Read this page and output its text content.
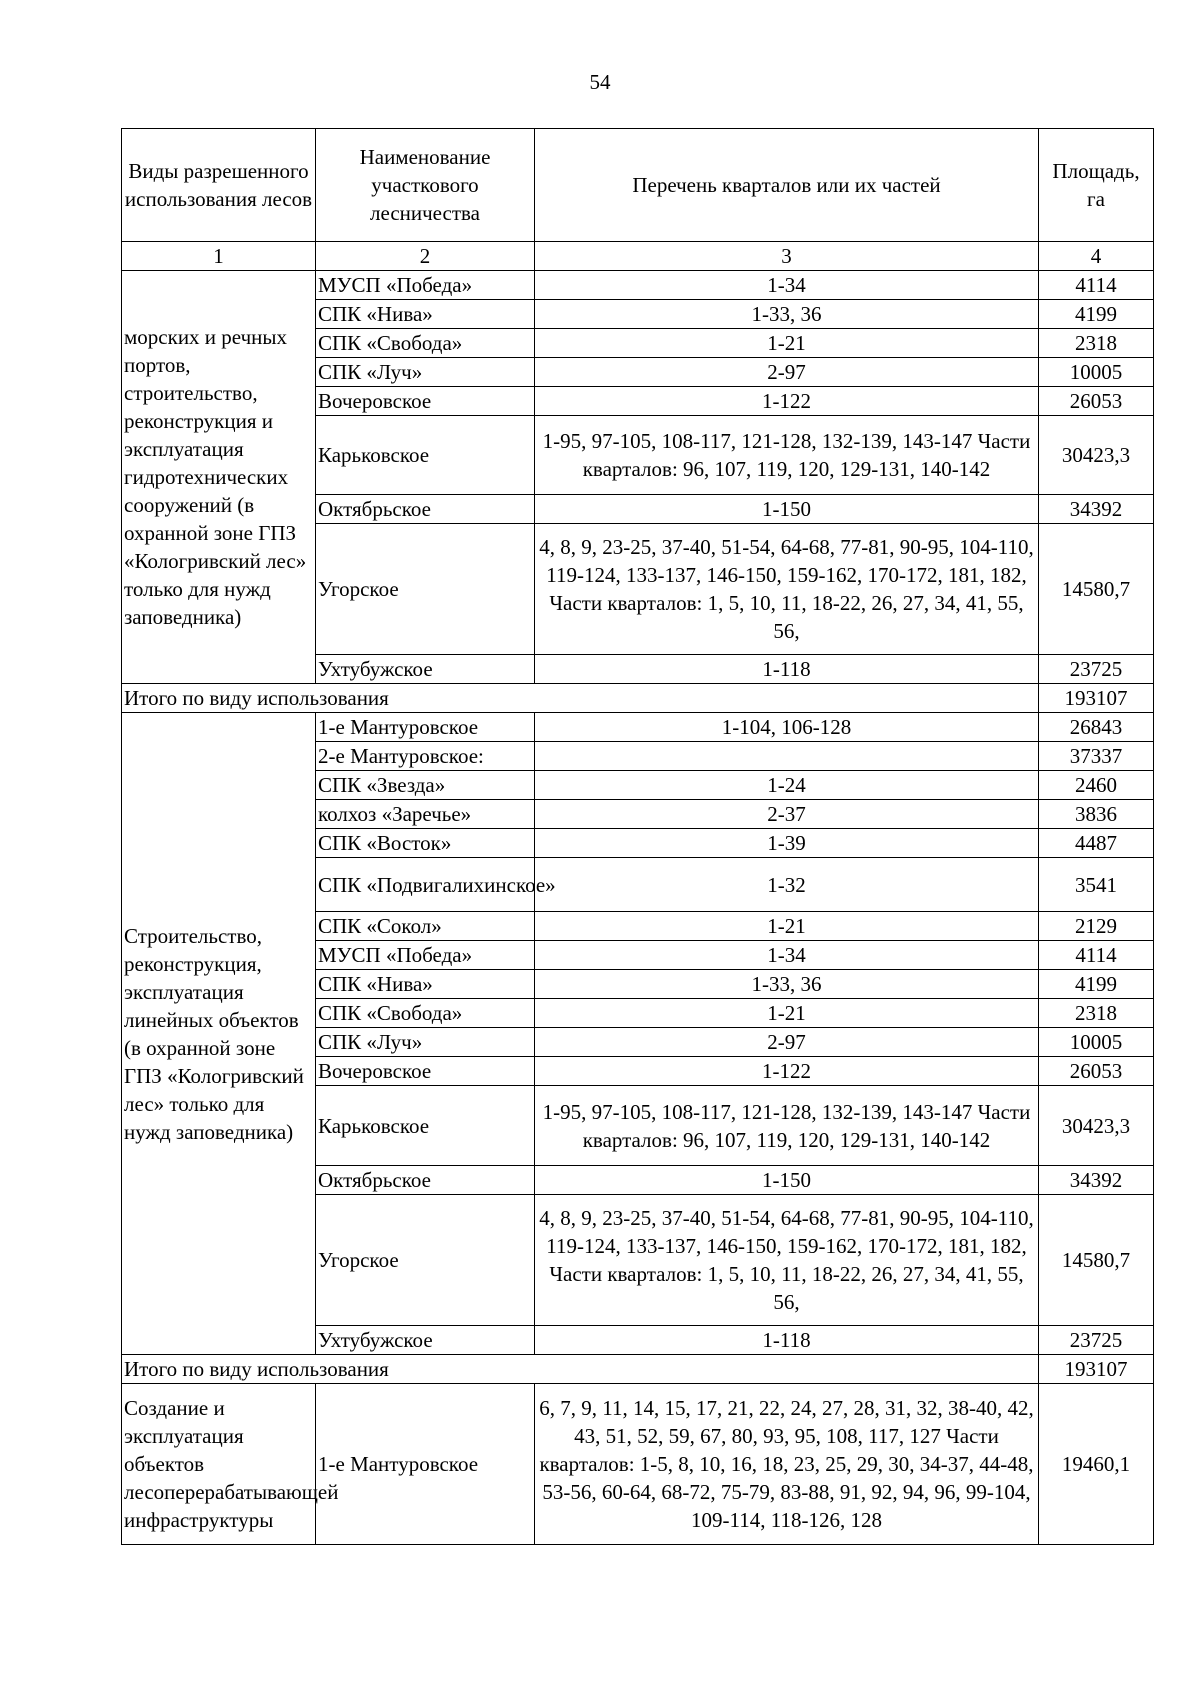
54
Виды разрешенного использования лесов	Наименование участкового лесничества	Перечень кварталов или их частей	Площадь, га
1	2	3	4
морских и речных портов, строительство, реконструкция и эксплуатация гидротехнических сооружений (в охранной зоне ГПЗ «Кологривский лес» только для нужд заповедника)	МУСП «Победа»	1-34	4114
	СПК «Нива»	1-33, 36	4199
	СПК «Свобода»	1-21	2318
	СПК «Луч»	2-97	10005
	Вочеровское	1-122	26053
	Карьковское	1-95, 97-105, 108-117, 121-128, 132-139, 143-147 Части кварталов: 96, 107, 119, 120, 129-131, 140-142	30423,3
	Октябрьское	1-150	34392
	Угорское	4, 8, 9, 23-25, 37-40, 51-54, 64-68, 77-81, 90-95, 104-110, 119-124, 133-137, 146-150, 159-162, 170-172, 181, 182, Части кварталов: 1, 5, 10, 11, 18-22, 26, 27, 34, 41, 55, 56,	14580,7
	Ухтубужское	1-118	23725
Итого по виду использования			193107
Строительство, реконструкция, эксплуатация линейных объектов (в охранной зоне ГПЗ «Кологривский лес» только для нужд заповедника)	1-е Мантуровское	1-104, 106-128	26843
	2-е Мантуровское:		37337
	СПК «Звезда»	1-24	2460
	колхоз «Заречье»	2-37	3836
	СПК «Восток»	1-39	4487
	СПК «Подвигалихинское»	1-32	3541
	СПК «Сокол»	1-21	2129
	МУСП «Победа»	1-34	4114
	СПК «Нива»	1-33, 36	4199
	СПК «Свобода»	1-21	2318
	СПК «Луч»	2-97	10005
	Вочеровское	1-122	26053
	Карьковское	1-95, 97-105, 108-117, 121-128, 132-139, 143-147 Части кварталов: 96, 107, 119, 120, 129-131, 140-142	30423,3
	Октябрьское	1-150	34392
	Угорское	4, 8, 9, 23-25, 37-40, 51-54, 64-68, 77-81, 90-95, 104-110, 119-124, 133-137, 146-150, 159-162, 170-172, 181, 182, Части кварталов: 1, 5, 10, 11, 18-22, 26, 27, 34, 41, 55, 56,	14580,7
	Ухтубужское	1-118	23725
Итого по виду использования			193107
Создание и эксплуатация объектов лесоперерабатывающей инфраструктуры	1-е Мантуровское	6, 7, 9, 11, 14, 15, 17, 21, 22, 24, 27, 28, 31, 32, 38-40, 42, 43, 51, 52, 59, 67, 80, 93, 95, 108, 117, 127 Части кварталов: 1-5, 8, 10, 16, 18, 23, 25, 29, 30, 34-37, 44-48, 53-56, 60-64, 68-72, 75-79, 83-88, 91, 92, 94, 96, 99-104, 109-114, 118-126, 128	19460,1
